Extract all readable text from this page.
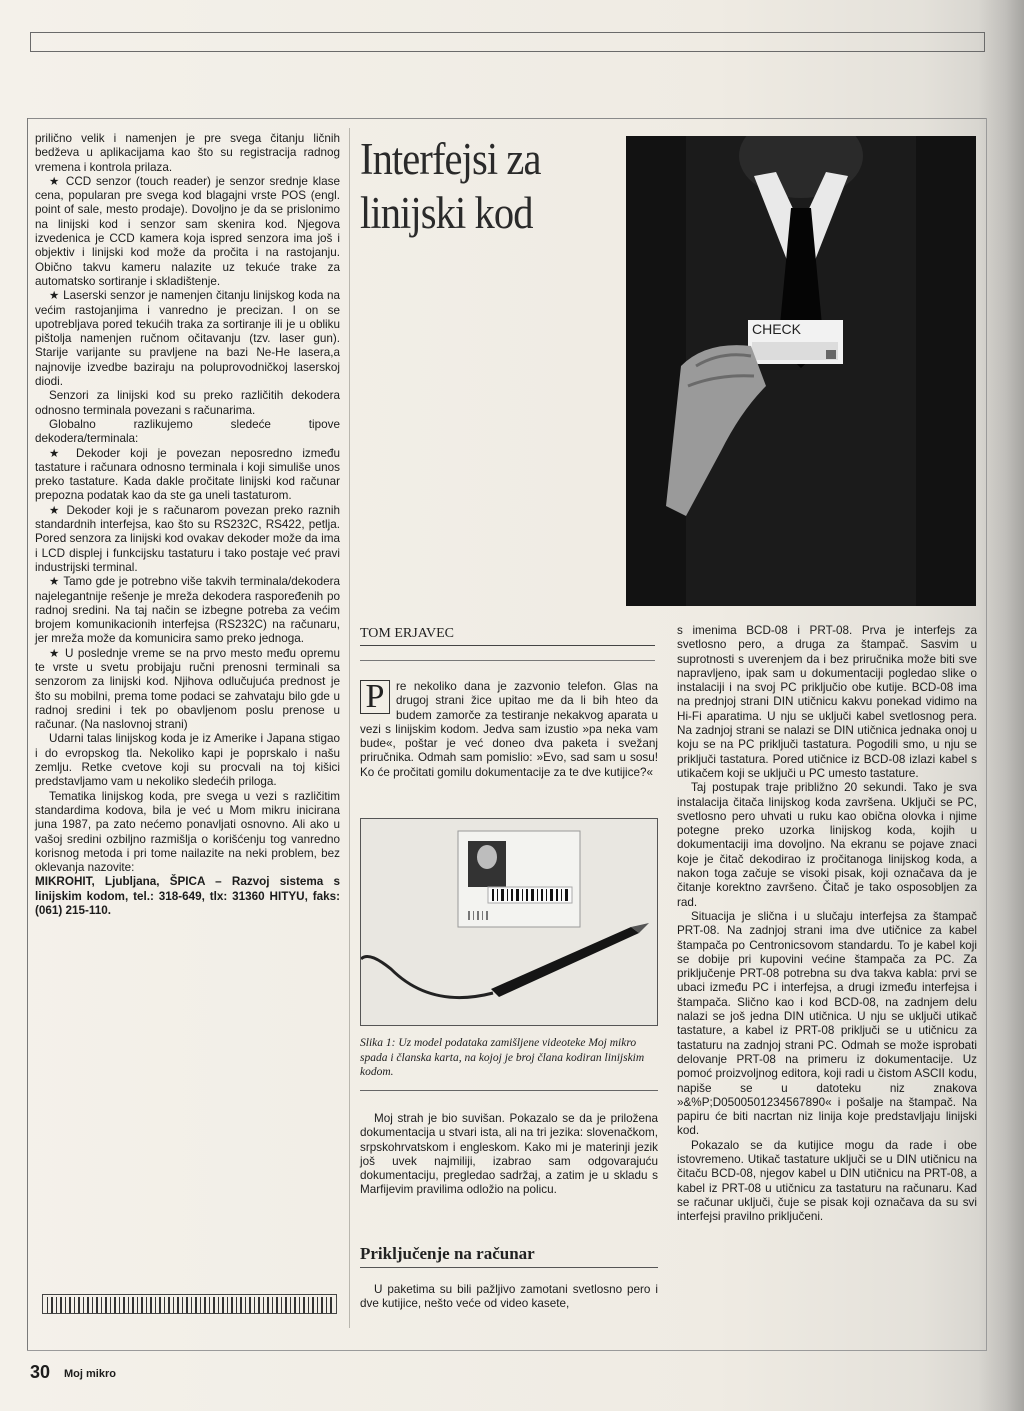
prilično velik i namenjen je pre svega čitanju ličnih bedževa u aplikacijama kao što su registracija radnog vremena i kontrola prilaza.

★ CCD senzor (touch reader) je senzor srednje klase cena, popularan pre svega kod blagajni vrste POS (engl. point of sale, mesto prodaje). Dovoljno je da se prislonimo na linijski kod i senzor sam skenira kod. Njegova izvedenica je CCD kamera koja ispred senzora ima još i objektiv i linijski kod može da pročita i na rastojanju. Obično takvu kameru nalazite uz tekuće trake za automatsko sortiranje i skladištenje.

★ Laserski senzor je namenjen čitanju linijskog koda na većim rastojanjima i vanredno je precizan. I on se upotrebljava pored tekućih traka za sortiranje ili je u obliku pištolja namenjen ručnom očitavanju (tzv. laser gun). Starije varijante su pravljene na bazi Ne-He lasera,a najnovije izvedbe baziraju na poluprovodničkoj laserskoj diodi.

Senzori za linijski kod su preko različitih dekodera odnosno terminala povezani s računarima.

Globalno razlikujemo sledeće tipove dekodera/terminala:

★ Dekoder koji je povezan neposredno između tastature i računara odnosno terminala i koji simuliše unos preko tastature. Kada dakle pročitate linijski kod računar prepozna podatak kao da ste ga uneli tastaturom.

★ Dekoder koji je s računarom povezan preko raznih standardnih interfejsa, kao što su RS232C, RS422, petlja. Pored senzora za linijski kod ovakav dekoder može da ima i LCD displej i funkcijsku tastaturu i tako postaje već pravi industrijski terminal.

★ Tamo gde je potrebno više takvih terminala/dekodera najelegantnije rešenje je mreža dekodera raspoređenih po radnoj sredini. Na taj način se izbegne potreba za većim brojem komunikacionih interfejsa (RS232C) na računaru, jer mreža može da komunicira samo preko jednoga.

★ U poslednje vreme se na prvo mesto među opremu te vrste u svetu probijaju ručni prenosni terminali sa senzorom za linijski kod. Njihova odlučujuća prednost je što su mobilni, prema tome podaci se zahvataju bilo gde u radnoj sredini i tek po obavljenom poslu prenose u računar. (Na naslovnoj strani)

Udarni talas linijskog koda je iz Amerike i Japana stigao i do evropskog tla. Nekoliko kapi je poprskalo i našu zemlju. Retke cvetove koji su procvali na toj kišici predstavljamo vam u nekoliko sledećih priloga.

Tematika linijskog koda, pre svega u vezi s različitim standardima kodova, bila je već u Mom mikru inicirana juna 1987, pa zato nećemo ponavljati osnovno. Ali ako u vašoj sredini ozbiljno razmišlja o korišćenju tog vanredno korisnog metoda i pri tome nailazite na neki problem, bez oklevanja nazovite:

MIKROHIT, Ljubljana, ŠPICA – Razvoj sistema s linijskim kodom, tel.: 318-649, tlx: 31360 HITYU, faks:(061) 215-110.

Interfejsi za linijski kod
CHECK

TOM ERJAVEC

P re nekoliko dana je zazvonio telefon. Glas na drugoj strani žice upitao me da li bih hteo da budem zamorče za testiranje nekakvog aparata u vezi s linijskim kodom. Jedva sam izustio »pa neka vam bude«, poštar je već doneo dva paketa i svežanj priručnika. Odmah sam pomislio: »Evo, sad sam u sosu! Ko će pročitati gomilu dokumentacije za te dve kutijice?«

Slika 1: Uz model podataka zamišljene videoteke Moj mikro spada i članska karta, na kojoj je broj člana kodiran linijskim kodom.

Moj strah je bio suvišan. Pokazalo se da je priložena dokumentacija u stvari ista, ali na tri jezika: slovenačkom, srpskohrvatskom i engleskom. Kako mi je materinji jezik još uvek najmiliji, izabrao sam odgovarajuću dokumentaciju, pregledao sadržaj, a zatim je u skladu s Marfijevim pravilima odložio na policu.

Priključenje na računar

U paketima su bili pažljivo zamotani svetlosno pero i dve kutijice, nešto veće od video kasete,

s imenima BCD-08 i PRT-08. Prva je interfejs za svetlosno pero, a druga za štampač. Sasvim u suprotnosti s uverenjem da i bez priručnika može biti sve napravljeno, ipak sam u dokumentaciji pogledao slike o instalaciji i na svoj PC priključio obe kutije. BCD-08 ima na prednjoj strani DIN utičnicu kakvu ponekad vidimo na Hi-Fi aparatima. U nju se uključi kabel svetlosnog pera. Na zadnjoj strani se nalazi se DIN utičnica jednaka onoj u koju se na PC priključi tastatura. Pogodili smo, u nju se priključi tastatura. Pored utičnice iz BCD-08 izlazi kabel s utikačem koji se uključi u PC umesto tastature.

Taj postupak traje približno 20 sekundi. Tako je sva instalacija čitača linijskog koda završena. Uključi se PC, svetlosno pero uhvati u ruku kao obična olovka i njime potegne preko uzorka linijskog koda, kojih u dokumentaciji ima dovoljno. Na ekranu se pojave znaci koje je čitač dekodirao iz pročitanoga linijskog koda, a nakon toga začuje se visoki pisak, koji označava da je čitanje korektno završeno. Čitač je tako osposobljen za rad.

Situacija je slična i u slučaju interfejsa za štampač PRT-08. Na zadnjoj strani ima dve utičnice za kabel štampača po Centronicsovom standardu. To je kabel koji se dobije pri kupovini većine štampača za PC. Za priključenje PRT-08 potrebna su dva takva kabla: prvi se ubaci između PC i interfejsa, a drugi između interfejsa i štampača. Slično kao i kod BCD-08, na zadnjem delu nalazi se još jedna DIN utičnica. U nju se uključi utikač tastature, a kabel iz PRT-08 priključi se u utičnicu za tastaturu na zadnjoj strani PC. Odmah se može isprobati delovanje PRT-08 na primeru iz dokumentacije. Uz pomoć proizvoljnog editora, koji radi u čistom ASCII kodu, napiše se u datoteku niz znakova »&%P;D0500501234567890« i pošalje na štampač. Na papiru će biti nacrtan niz linija koje predstavljaju linijski kod.

Pokazalo se da kutijice mogu da rade i obe istovremeno. Utikač tastature uključi se u DIN utičnicu na čitaču BCD-08, njegov kabel u DIN utičnicu na PRT-08, a kabel iz PRT-08 u utičnicu za tastaturu na računaru. Kad se računar uključi, čuje se pisak koji označava da su svi interfejsi pravilno priključeni.

30 Moj mikro
